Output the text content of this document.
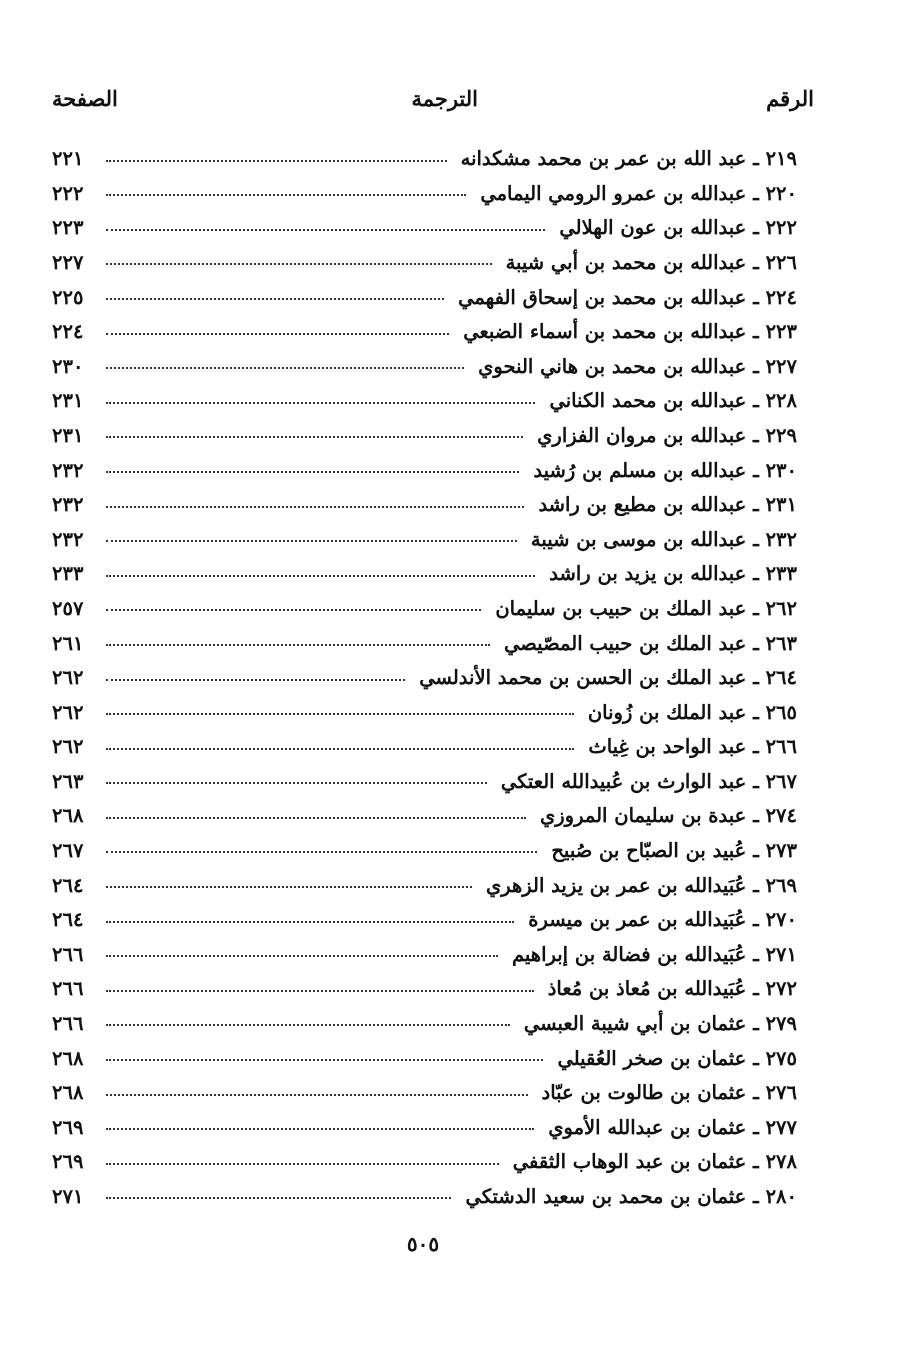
الرقم
الترجمة
الصفحة
٢١٩ ـ عبد الله بن عمر بن محمد مشكدانه
٢٢١
٢٢٠ ـ عبدالله بن عمرو الرومي اليمامي
٢٢٢
٢٢٢ ـ عبدالله بن عون الهلالي
٢٢٣
٢٢٦ ـ عبدالله بن محمد بن أبي شيبة
٢٢٧
٢٢٤ ـ عبدالله بن محمد بن إسحاق الفهمي
٢٢٥
٢٢٣ ـ عبدالله بن محمد بن أسماء الضبعي
٢٢٤
٢٢٧ ـ عبدالله بن محمد بن هاني النحوي
٢٣٠
٢٢٨ ـ عبدالله بن محمد الكناني
٢٣١
٢٢٩ ـ عبدالله بن مروان الفزاري
٢٣١
٢٣٠ ـ عبدالله بن مسلم بن رُشيد
٢٣٢
٢٣١ ـ عبدالله بن مطيع بن راشد
٢٣٢
٢٣٢ ـ عبدالله بن موسى بن شيبة
٢٣٢
٢٣٣ ـ عبدالله بن يزيد بن راشد
٢٣٣
٢٦٢ ـ عبد الملك بن حبيب بن سليمان
٢٥٧
٢٦٣ ـ عبد الملك بن حبيب المصّيصي
٢٦١
٢٦٤ ـ عبد الملك بن الحسن بن محمد الأندلسي
٢٦٢
٢٦٥ ـ عبد الملك بن زُونان
٢٦٢
٢٦٦ ـ عبد الواحد بن غِياث
٢٦٢
٢٦٧ ـ عبد الوارث بن عُبيدالله العتكي
٢٦٣
٢٧٤ ـ عبدة بن سليمان المروزي
٢٦٨
٢٧٣ ـ عُبيد بن الصبّاح بن صُبيح
٢٦٧
٢٦٩ ـ عُبَيدالله بن عمر بن يزيد الزهري
٢٦٤
٢٧٠ ـ عُبَيدالله بن عمر بن ميسرة
٢٦٤
٢٧١ ـ عُبَيدالله بن فضالة بن إبراهيم
٢٦٦
٢٧٢ ـ عُبَيدالله بن مُعاذ بن مُعاذ
٢٦٦
٢٧٩ ـ عثمان بن أبي شيبة العبسي
٢٦٦
٢٧٥ ـ عثمان بن صخر العُقيلي
٢٦٨
٢٧٦ ـ عثمان بن طالوت بن عبّاد
٢٦٨
٢٧٧ ـ عثمان بن عبدالله الأموي
٢٦٩
٢٧٨ ـ عثمان بن عبد الوهاب الثقفي
٢٦٩
٢٨٠ ـ عثمان بن محمد بن سعيد الدشتكي
٢٧١
٥٠٥
